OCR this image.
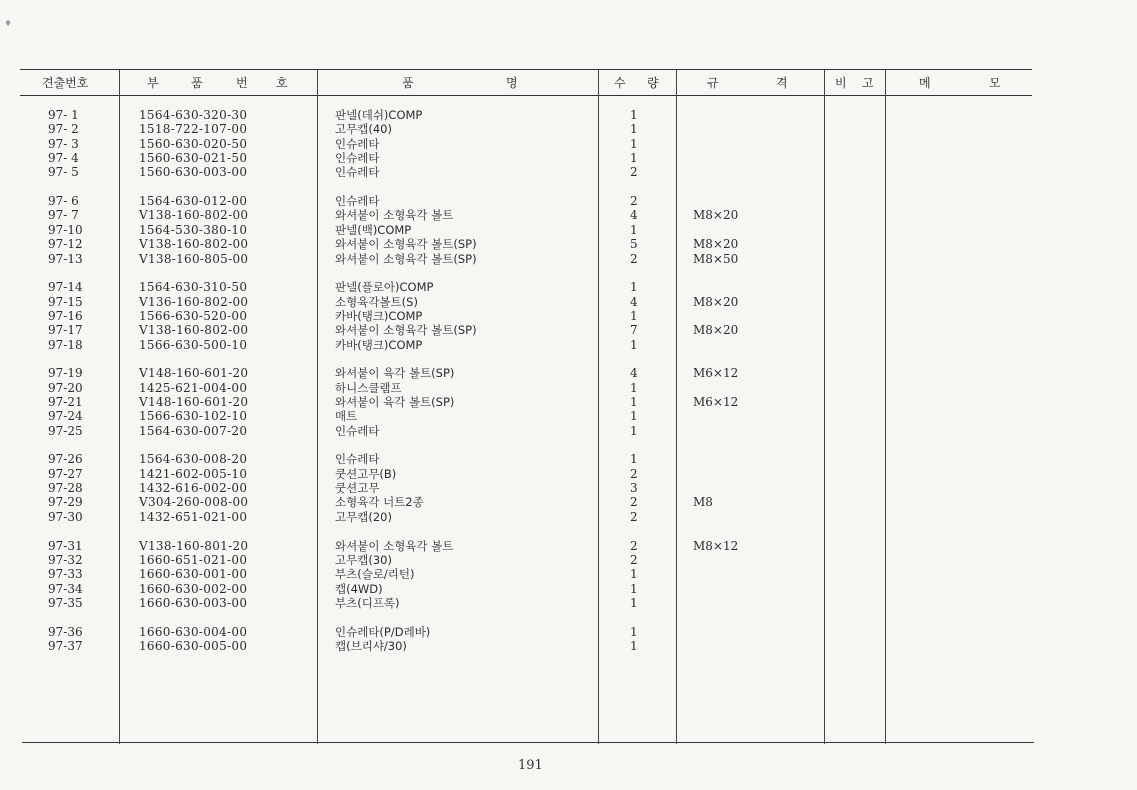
♦
견출번호	부	품	번 호	품	명	수 량	규	격	비 고	메	모
97- 1	1564-630-320-30	판넬(데쉬)COMP	1
97- 2	1518-722-107-00	고무캡(40)	1
97- 3	1560-630-020-50	인슈레타	1
97- 4	1560-630-021-50	인슈레타	1
97- 5	1560-630-003-00	인슈레타	2
97- 6	1564-630-012-00	인슈레타	2
97- 7	V138-160-802-00	와셔붙이 소형육각 볼트	4	M8×20
97-10	1564-530-380-10	판넬(백)COMP	1
97-12	V138-160-802-00	와셔붙이 소형육각 볼트(SP)	5	M8×20
97-13	V138-160-805-00	와셔붙이 소형육각 볼트(SP)	2	M8×50
97-14	1564-630-310-50	판넬(플로아)COMP	1
97-15	V136-160-802-00	소형육각볼트(S)	4	M8×20
97-16	1566-630-520-00	카바(탱크)COMP	1
97-17	V138-160-802-00	와셔붙이 소형육각 볼트(SP)	7	M8×20
97-18	1566-630-500-10	카바(탱크)COMP	1
97-19	V148-160-601-20	와셔붙이 육각 볼트(SP)	4	M6×12
97-20	1425-621-004-00	하니스클램프	1
97-21	V148-160-601-20	와셔붙이 육각 볼트(SP)	1	M6×12
97-24	1566-630-102-10	매트	1
97-25	1564-630-007-20	인슈레타	1
97-26	1564-630-008-20	인슈레타	1
97-27	1421-602-005-10	쿳션고무(B)	2
97-28	1432-616-002-00	쿳션고무	3
97-29	V304-260-008-00	소형육각 너트2종	2	M8
97-30	1432-651-021-00	고무캡(20)	2
97-31	V138-160-801-20	와셔붙이 소형육각 볼트	2	M8×12
97-32	1660-651-021-00	고무캡(30)	2
97-33	1660-630-001-00	부츠(슬로/리턴)	1
97-34	1660-630-002-00	캡(4WD)	1
97-35	1660-630-003-00	부츠(디프록)	1
97-36	1660-630-004-00	인슈레타(P/D레바)	1
97-37	1660-630-005-00	캡(브리샤/30)	1
191
